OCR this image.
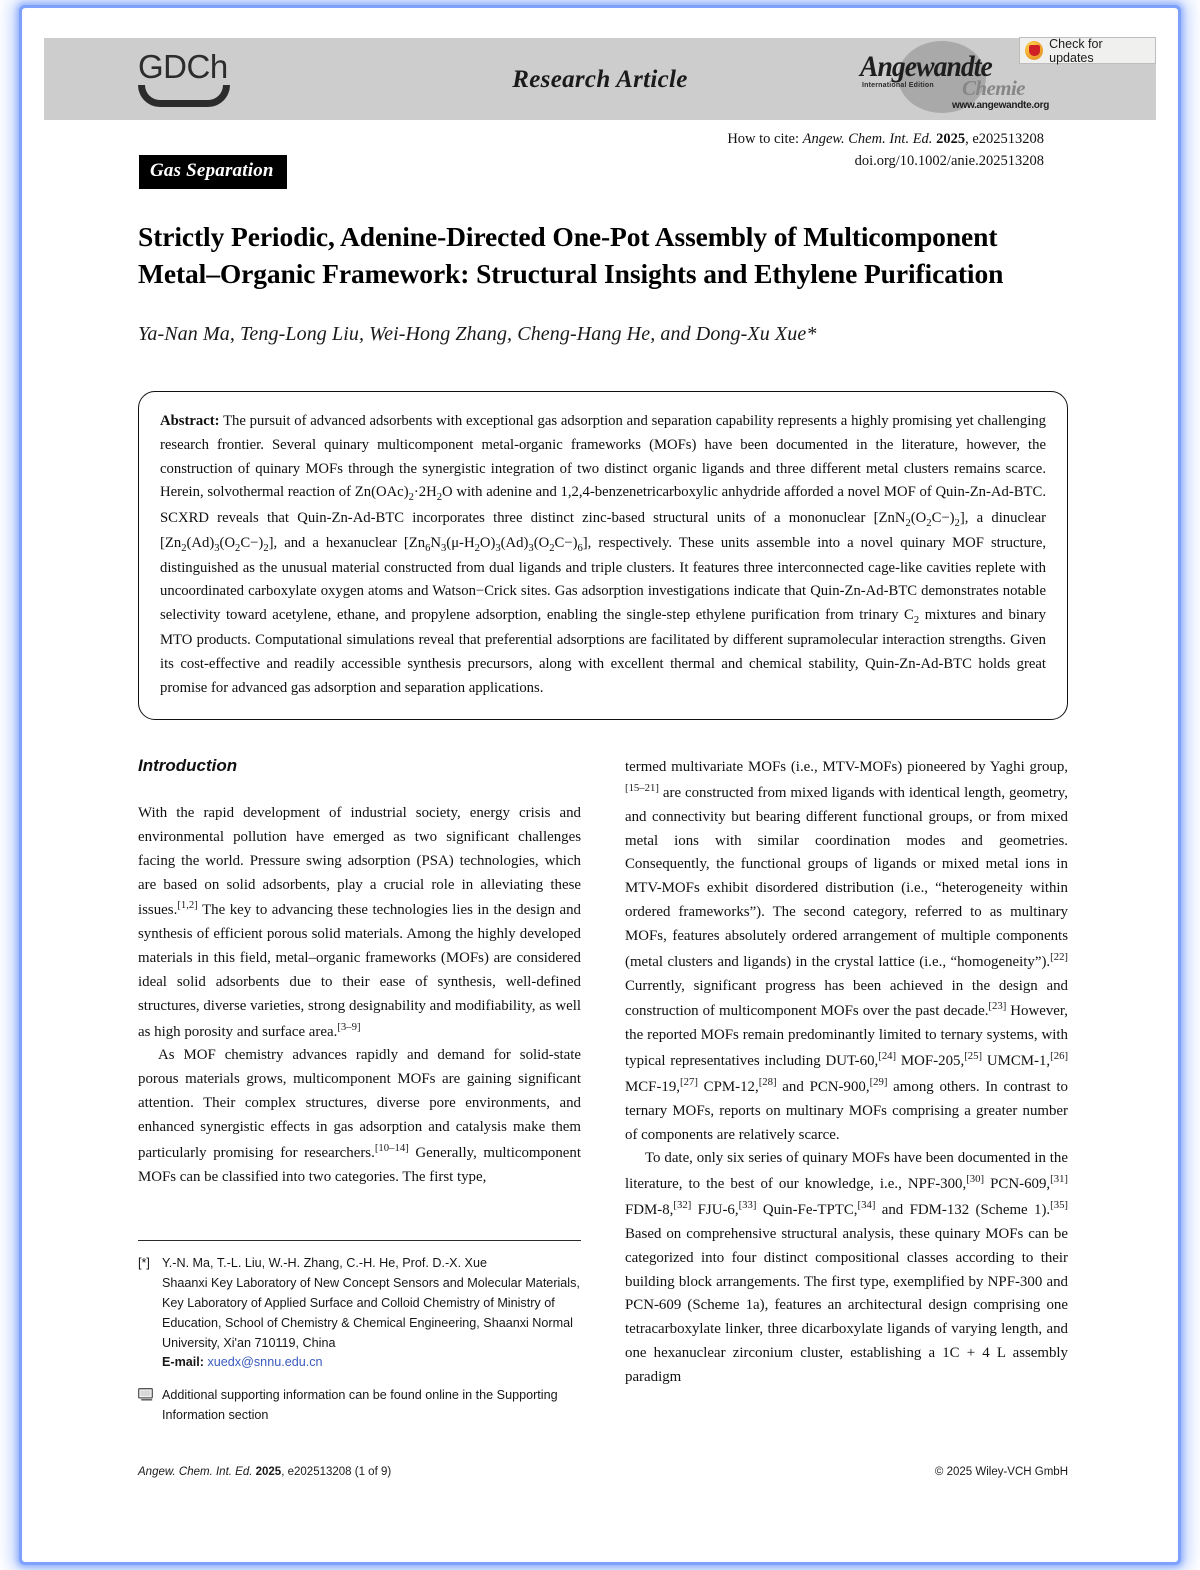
GDCh	Research Article	Angewandte
International Edition Chemie
www.angewandte.org
Check for updates
How to cite: Angew. Chem. Int. Ed. 2025, e202513208
doi.org/10.1002/anie.202513208
Gas Separation
Strictly Periodic, Adenine-Directed One-Pot Assembly of Multicomponent Metal–Organic Framework: Structural Insights and Ethylene Purification
Ya-Nan Ma, Teng-Long Liu, Wei-Hong Zhang, Cheng-Hang He, and Dong-Xu Xue*

Abstract: The pursuit of advanced adsorbents with exceptional gas adsorption and separation capability represents a highly promising yet challenging research frontier. Several quinary multicomponent metal-organic frameworks (MOFs) have been documented in the literature, however, the construction of quinary MOFs through the synergistic integration of two distinct organic ligands and three different metal clusters remains scarce. Herein, solvothermal reaction of $Zn(OAc)_2\cdot 2H_2O$ with adenine and 1,2,4-benzenetricarboxylic anhydride afforded a novel MOF of Quin-Zn-Ad-BTC. SCXRD reveals that Quin-Zn-Ad-BTC incorporates three distinct zinc-based structural units of a mononuclear $[ZnN_2(O_2C-)_2]$, a dinuclear $[Zn_2(Ad)_3(O_2C-)_2]$, and a hexanuclear $[Zn_6N_3(\mu-H_2O)_3(Ad)_3(O_2C-)_6]$, respectively. These units assemble into a novel quinary MOF structure, distinguished as the unusual material constructed from dual ligands and triple clusters. It features three interconnected cage-like cavities replete with uncoordinated carboxylate oxygen atoms and Watson−Crick sites. Gas adsorption investigations indicate that Quin-Zn-Ad-BTC demonstrates notable selectivity toward acetylene, ethane, and propylene adsorption, enabling the single-step ethylene purification from trinary $C_2$ mixtures and binary MTO products. Computational simulations reveal that preferential adsorptions are facilitated by different supramolecular interaction strengths. Given its cost-effective and readily accessible synthesis precursors, along with excellent thermal and chemical stability, Quin-Zn-Ad-BTC holds great promise for advanced gas adsorption and separation applications.

Introduction

With the rapid development of industrial society, energy crisis and environmental pollution have emerged as two significant challenges facing the world. Pressure swing adsorption (PSA) technologies, which are based on solid adsorbents, play a crucial role in alleviating these issues.[1,2] The key to advancing these technologies lies in the design and synthesis of efficient porous solid materials. Among the highly developed materials in this field, metal–organic frameworks (MOFs) are considered ideal solid adsorbents due to their ease of synthesis, well-defined structures, diverse varieties, strong designability and modifiability, as well as high porosity and surface area.[3–9]

As MOF chemistry advances rapidly and demand for solid-state porous materials grows, multicomponent MOFs are gaining significant attention. Their complex structures, diverse pore environments, and enhanced synergistic effects in gas adsorption and catalysis make them particularly promising for researchers.[10–14] Generally, multicomponent MOFs can be classified into two categories. The first type,

[*] Y.-N. Ma, T.-L. Liu, W.-H. Zhang, C.-H. He, Prof. D.-X. Xue
Shaanxi Key Laboratory of New Concept Sensors and Molecular Materials, Key Laboratory of Applied Surface and Colloid Chemistry of Ministry of Education, School of Chemistry & Chemical Engineering, Shaanxi Normal University, Xi'an 710119, China
E-mail: xuedx@snnu.edu.cn
Additional supporting information can be found online in the Supporting Information section

termed multivariate MOFs (i.e., MTV-MOFs) pioneered by Yaghi group,[15–21] are constructed from mixed ligands with identical length, geometry, and connectivity but bearing different functional groups, or from mixed metal ions with similar coordination modes and geometries. Consequently, the functional groups of ligands or mixed metal ions in MTV-MOFs exhibit disordered distribution (i.e., “heterogeneity within ordered frameworks”). The second category, referred to as multinary MOFs, features absolutely ordered arrangement of multiple components (metal clusters and ligands) in the crystal lattice (i.e., “homogeneity”).[22] Currently, significant progress has been achieved in the design and construction of multicomponent MOFs over the past decade.[23] However, the reported MOFs remain predominantly limited to ternary systems, with typical representatives including DUT-60,[24] MOF-205,[25] UMCM-1,[26] MCF-19,[27] CPM-12,[28] and PCN-900,[29] among others. In contrast to ternary MOFs, reports on multinary MOFs comprising a greater number of components are relatively scarce.

To date, only six series of quinary MOFs have been documented in the literature, to the best of our knowledge, i.e., NPF-300,[30] PCN-609,[31] FDM-8,[32] FJU-6,[33] Quin-Fe-TPTC,[34] and FDM-132 (Scheme 1).[35] Based on comprehensive structural analysis, these quinary MOFs can be categorized into four distinct compositional classes according to their building block arrangements. The first type, exemplified by NPF-300 and PCN-609 (Scheme 1a), features an architectural design comprising one tetracarboxylate linker, three dicarboxylate ligands of varying length, and one hexanuclear zirconium cluster, establishing a 1C + 4 L assembly paradigm

Angew. Chem. Int. Ed. 2025, e202513208 (1 of 9)	© 2025 Wiley-VCH GmbH
